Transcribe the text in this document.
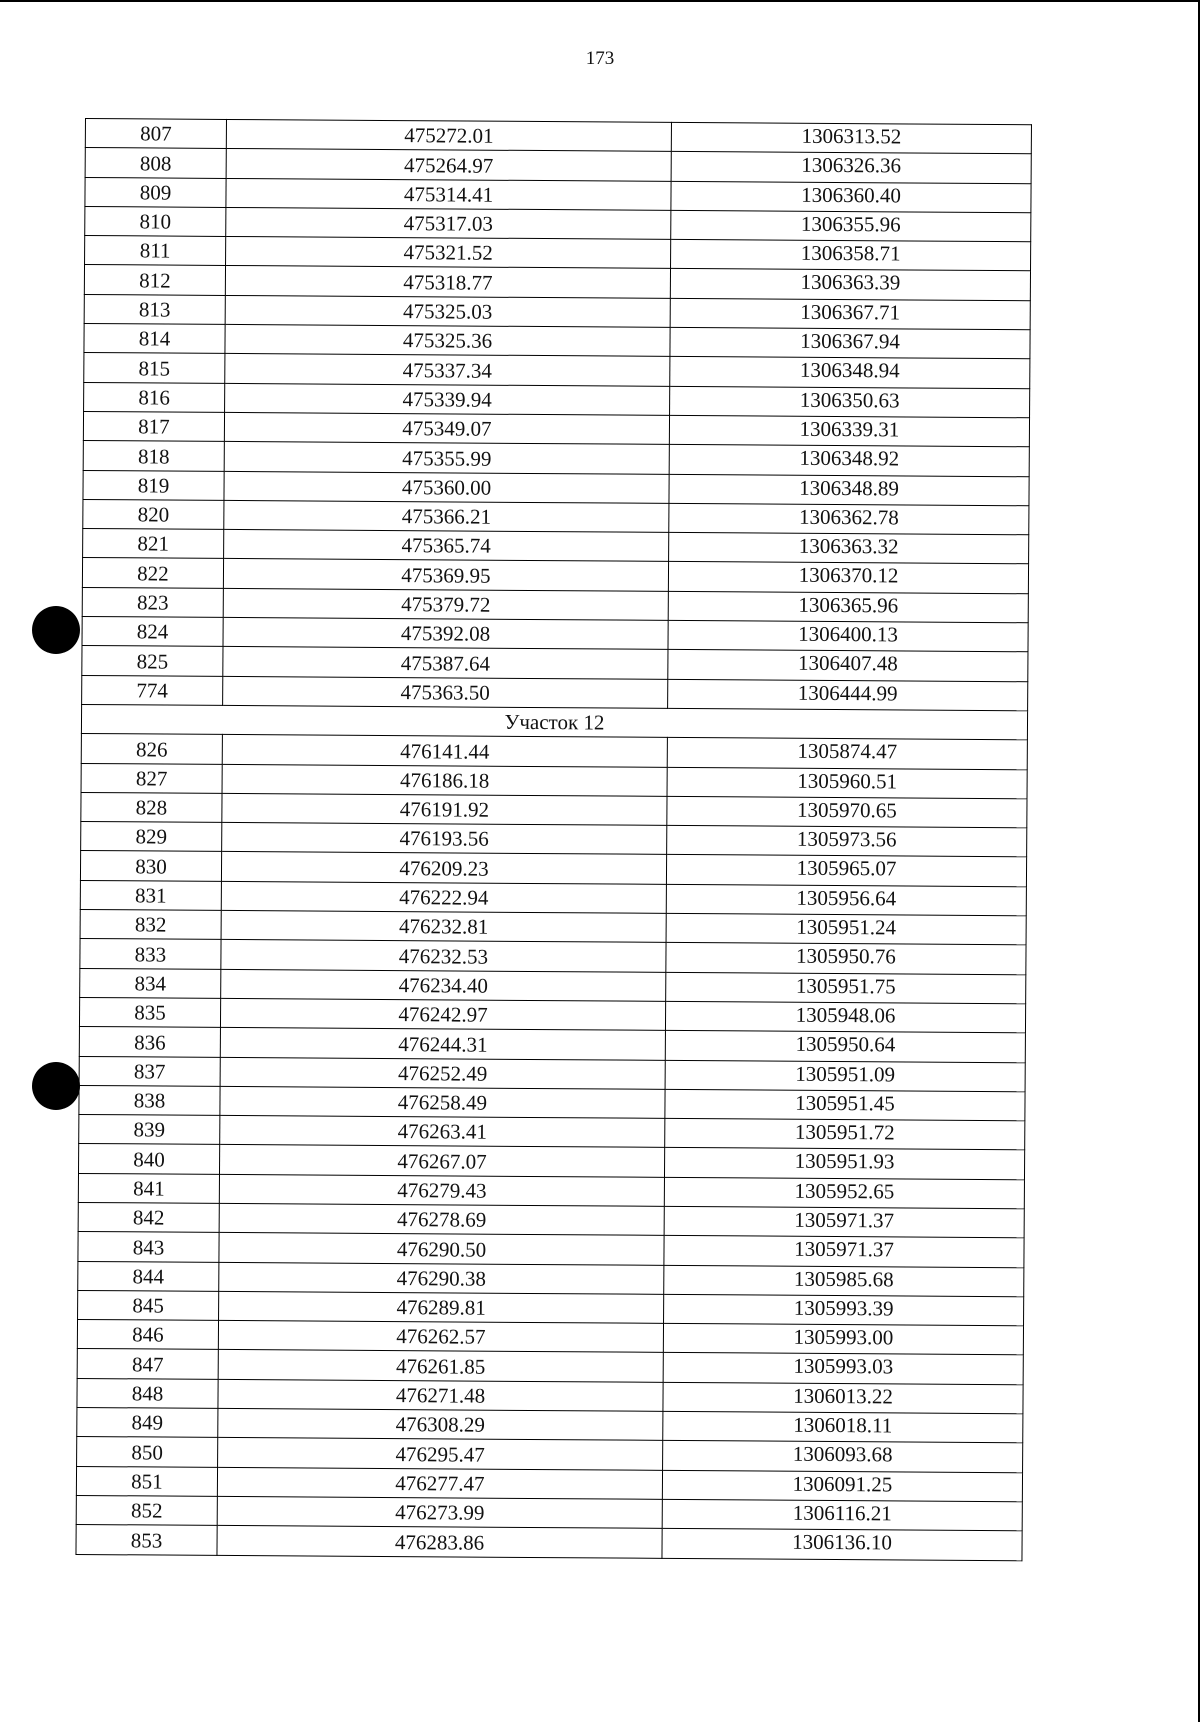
173
807	475272.01	1306313.52
808	475264.97	1306326.36
809	475314.41	1306360.40
810	475317.03	1306355.96
811	475321.52	1306358.71
812	475318.77	1306363.39
813	475325.03	1306367.71
814	475325.36	1306367.94
815	475337.34	1306348.94
816	475339.94	1306350.63
817	475349.07	1306339.31
818	475355.99	1306348.92
819	475360.00	1306348.89
820	475366.21	1306362.78
821	475365.74	1306363.32
822	475369.95	1306370.12
823	475379.72	1306365.96
824	475392.08	1306400.13
825	475387.64	1306407.48
774	475363.50	1306444.99
Участок 12		
826	476141.44	1305874.47
827	476186.18	1305960.51
828	476191.92	1305970.65
829	476193.56	1305973.56
830	476209.23	1305965.07
831	476222.94	1305956.64
832	476232.81	1305951.24
833	476232.53	1305950.76
834	476234.40	1305951.75
835	476242.97	1305948.06
836	476244.31	1305950.64
837	476252.49	1305951.09
838	476258.49	1305951.45
839	476263.41	1305951.72
840	476267.07	1305951.93
841	476279.43	1305952.65
842	476278.69	1305971.37
843	476290.50	1305971.37
844	476290.38	1305985.68
845	476289.81	1305993.39
846	476262.57	1305993.00
847	476261.85	1305993.03
848	476271.48	1306013.22
849	476308.29	1306018.11
850	476295.47	1306093.68
851	476277.47	1306091.25
852	476273.99	1306116.21
853	476283.86	1306136.10
